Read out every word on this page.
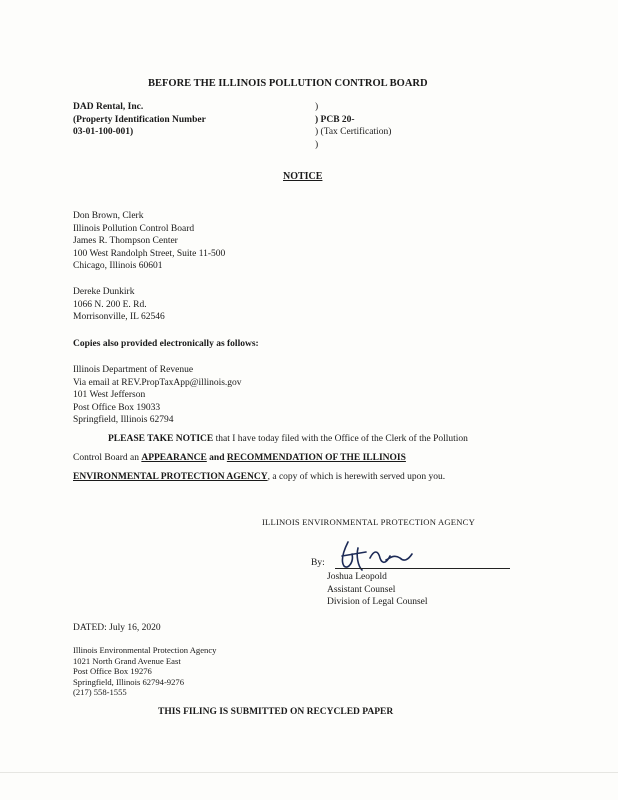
BEFORE THE ILLINOIS POLLUTION CONTROL BOARD
DAD Rental, Inc.
(Property Identification Number
03-01-100-001)
)
) PCB 20-
) (Tax Certification)
)
NOTICE
Don Brown, Clerk
Illinois Pollution Control Board
James R. Thompson Center
100 West Randolph Street, Suite 11-500
Chicago, Illinois 60601
Dereke Dunkirk
1066 N. 200 E. Rd.
Morrisonville, IL 62546
Copies also provided electronically as follows:
Illinois Department of Revenue
Via email at REV.PropTaxApp@illinois.gov
101 West Jefferson
Post Office Box 19033
Springfield, Illinois 62794
PLEASE TAKE NOTICE that I have today filed with the Office of the Clerk of the Pollution
Control Board an APPEARANCE and RECOMMENDATION OF THE ILLINOIS
ENVIRONMENTAL PROTECTION AGENCY, a copy of which is herewith served upon you.
ILLINOIS ENVIRONMENTAL PROTECTION AGENCY
By:
Joshua Leopold
Assistant Counsel
Division of Legal Counsel
DATED: July 16, 2020
Illinois Environmental Protection Agency
1021 North Grand Avenue East
Post Office Box 19276
Springfield, Illinois 62794-9276
(217) 558-1555
THIS FILING IS SUBMITTED ON RECYCLED PAPER
